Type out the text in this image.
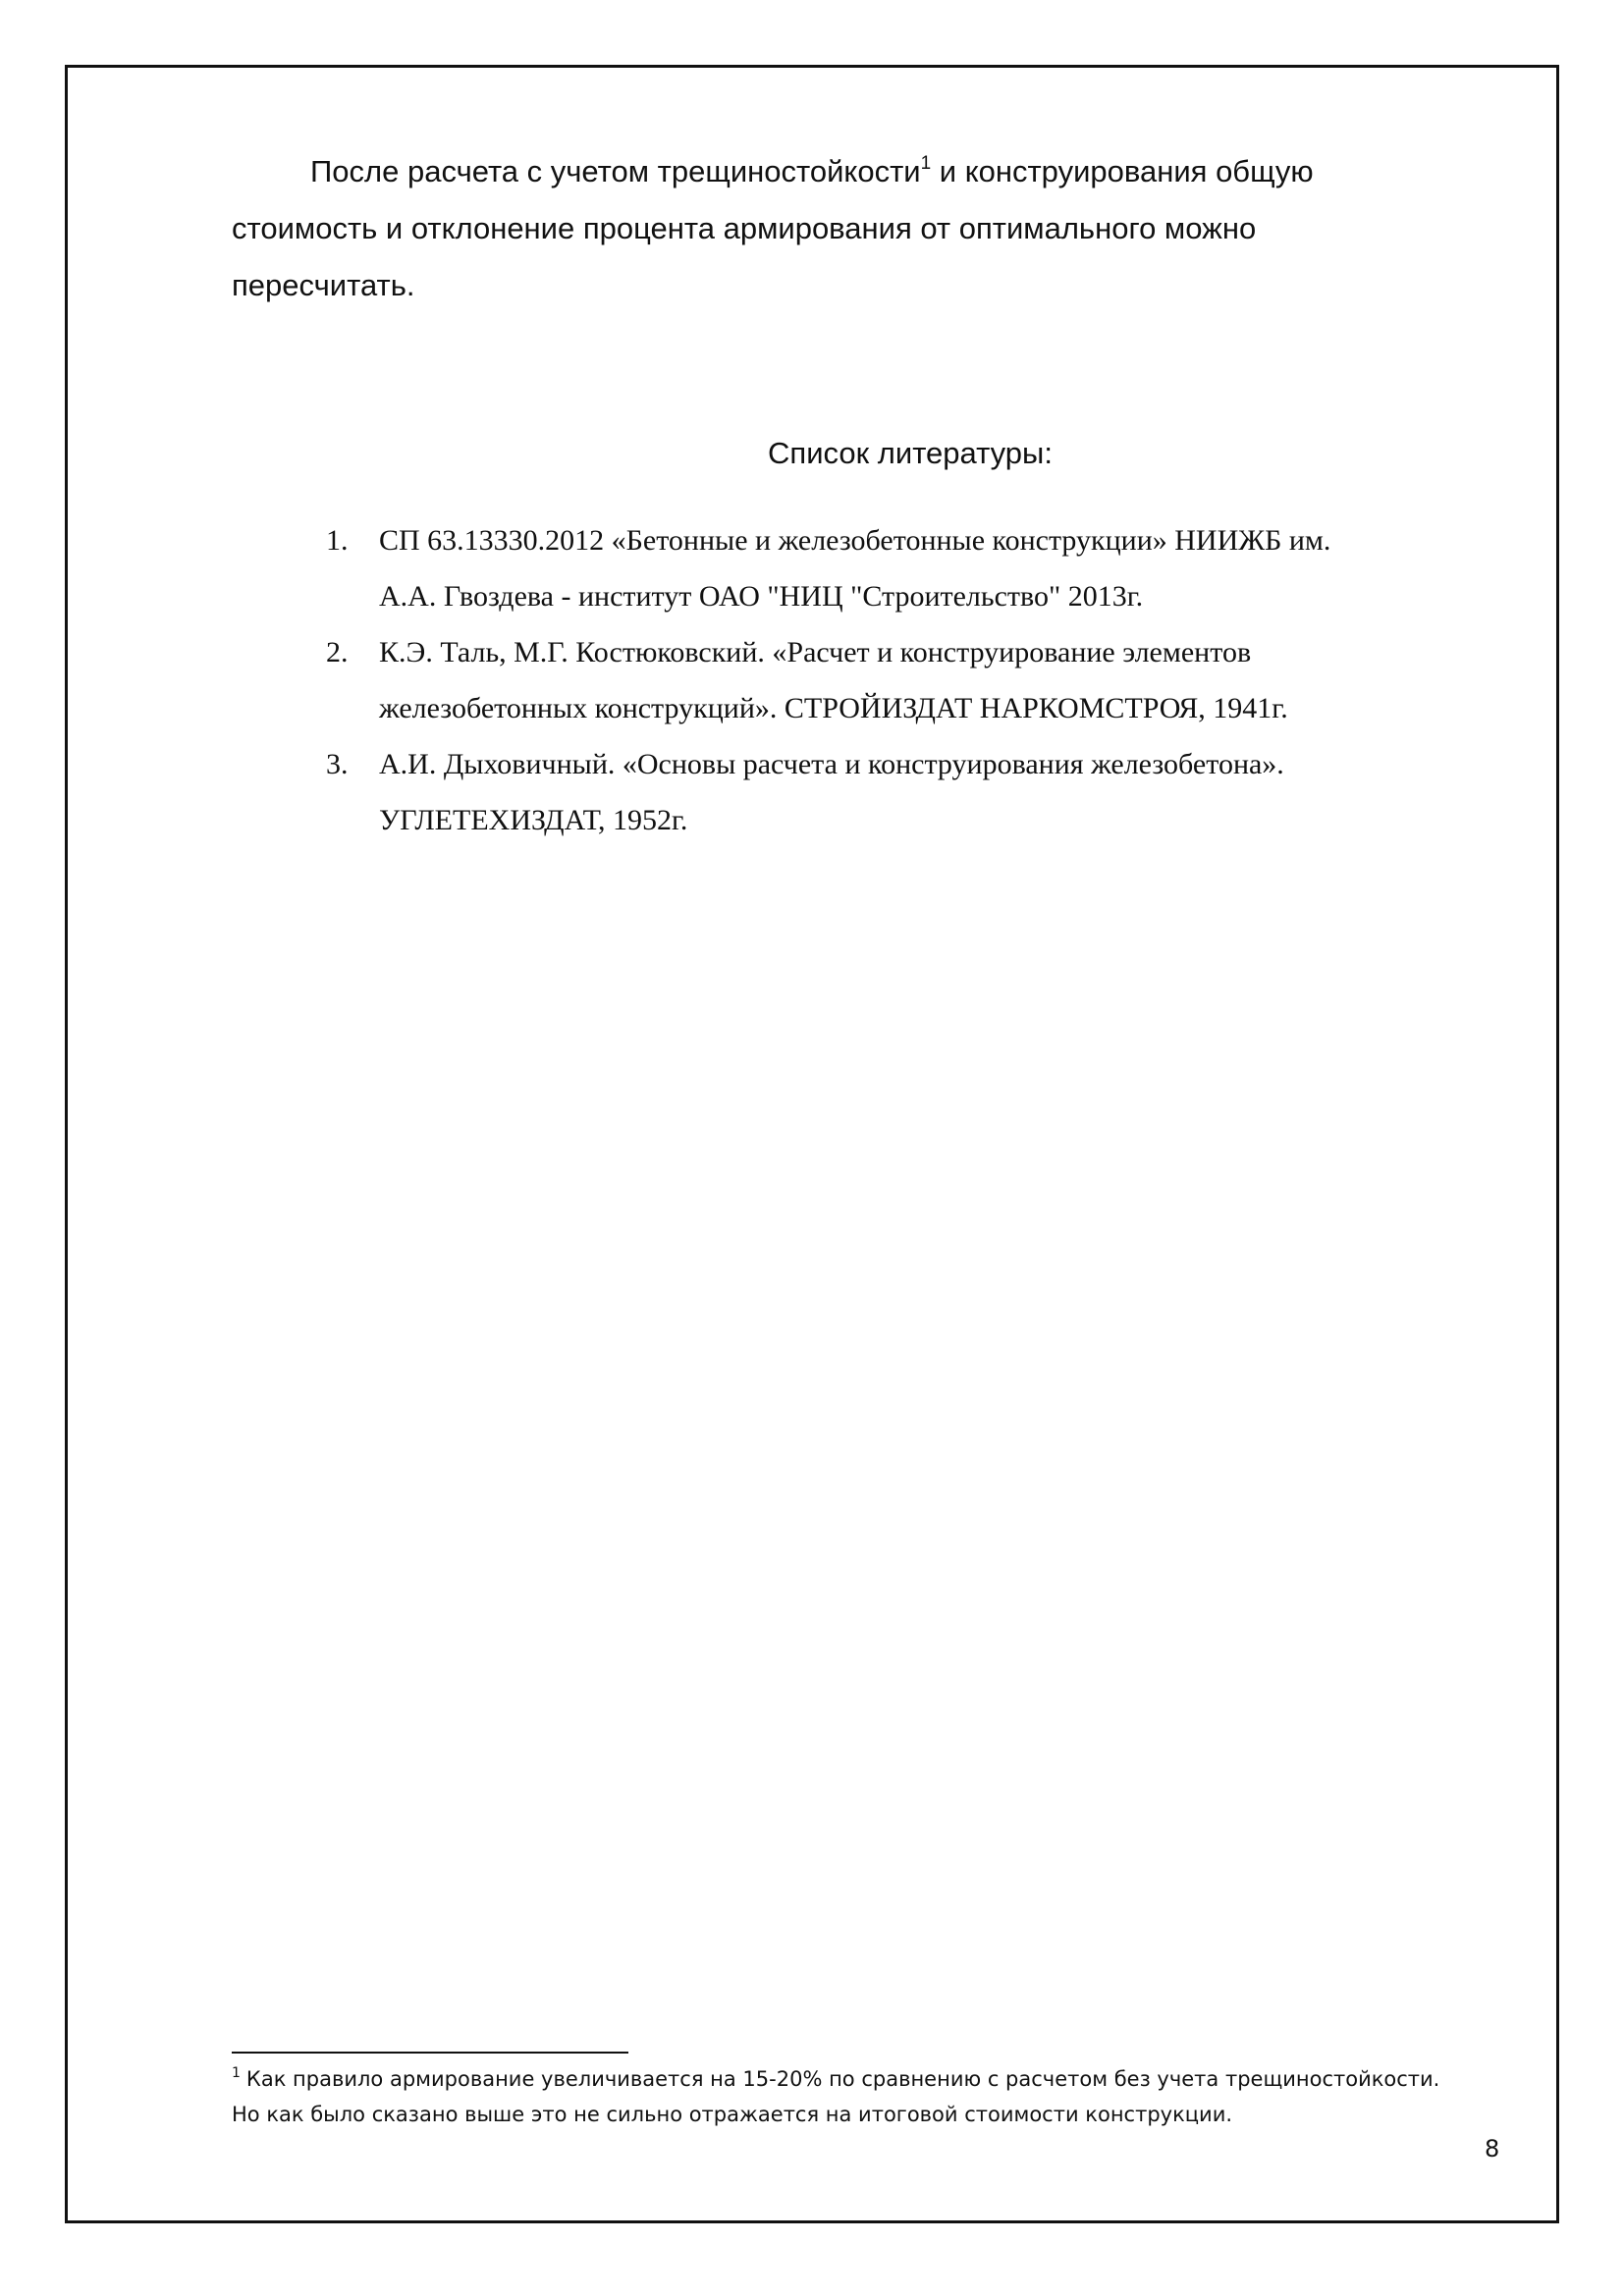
После расчета с учетом трещиностойкости$^1$ и конструирования общую
стоимость и отклонение процента армирования от оптимального можно
пересчитать.

Список литературы:
1. СП 63.13330.2012 «Бетонные и железобетонные конструкции» НИИЖБ им.
А.А. Гвоздева - институт ОАО "НИЦ "Строительство" 2013г.
2. К.Э. Таль, М.Г. Костюковский. «Расчет и конструирование элементов
железобетонных конструкций». СТРОЙИЗДАТ НАРКОМСТРОЯ, 1941г.
3. А.И. Дыховичный. «Основы расчета и конструирования железобетона».
УГЛЕТЕХИЗДАТ, 1952г.

$^1$ Как правило армирование увеличивается на 15-20% по сравнению с расчетом без учета трещиностойкости.
Но как было сказано выше это не сильно отражается на итоговой стоимости конструкции.

8
